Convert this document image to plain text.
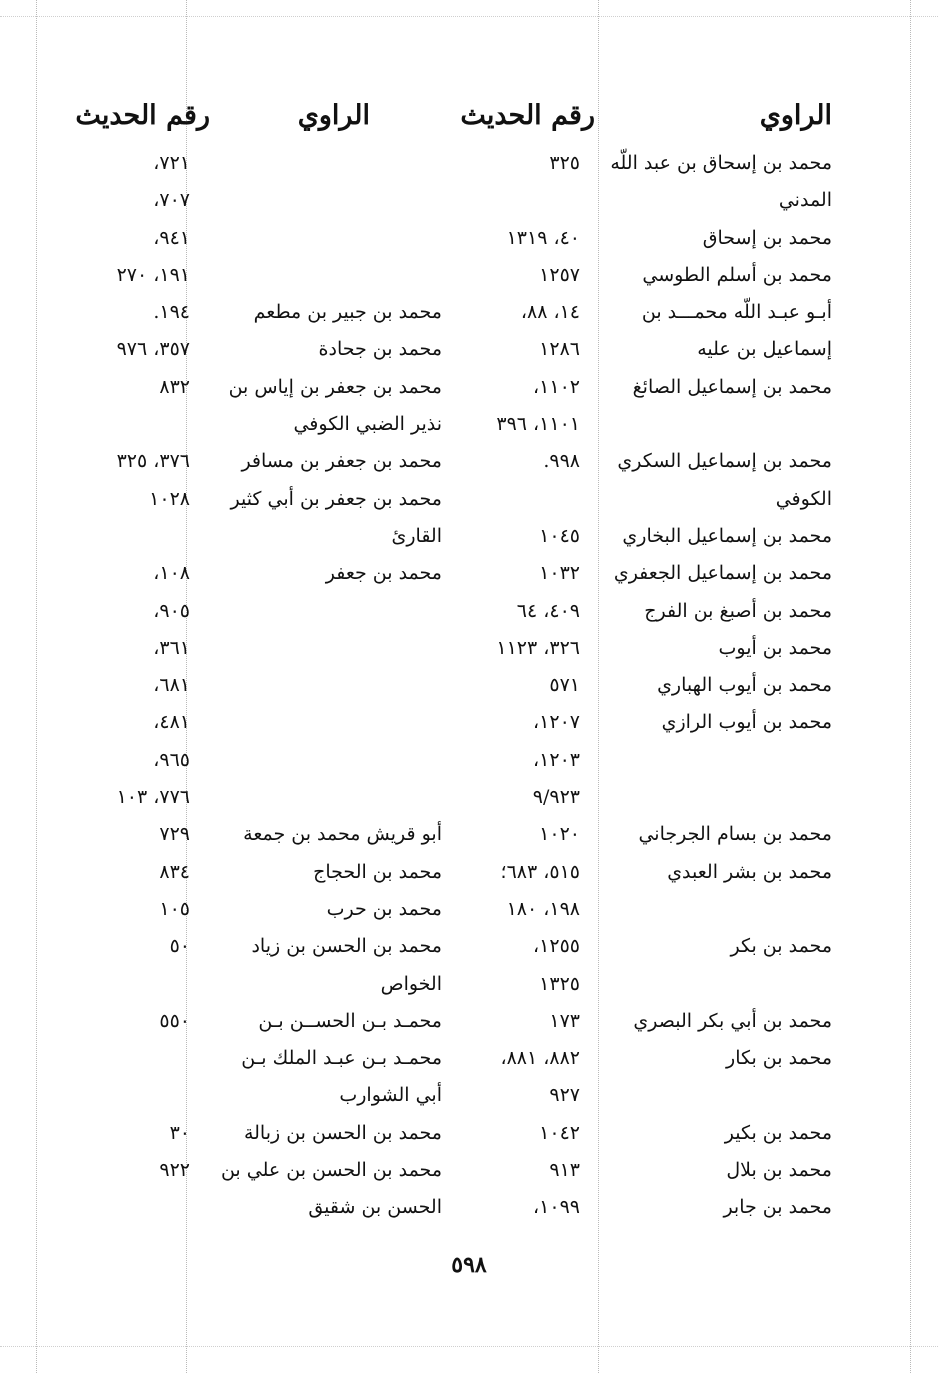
الراوي
رقم الحديث
الراوي
رقم الحديث
محمد بن إسحاق بن عبد اللّه
٣٢٥
٧٢١،
المدني
٧٠٧،
محمد بن إسحاق
٤٠، ١٣١٩
٩٤١،
محمد بن أسلم الطوسي
١٢٥٧
١٩١، ٢٧٠
أبـو عبـد اللّه محمـــد بن
١٤، ٨٨،
محمد بن جبير بن مطعم
١٩٤.
إسماعيل بن عليه
١٢٨٦
محمد بن جحادة
٣٥٧، ٩٧٦
محمد بن إسماعيل الصائغ
١١٠٢،
محمد بن جعفر بن إياس بن
٨٣٢
١١٠١، ٣٩٦
نذير الضبي الكوفي
محمد بن إسماعيل السكري
٩٩٨.
محمد بن جعفر بن مسافر
٣٧٦، ٣٢٥
الكوفي
محمد بن جعفر بن أبي كثير
١٠٢٨
محمد بن إسماعيل البخاري
١٠٤٥
القارئ
محمد بن إسماعيل الجعفري
١٠٣٢
محمد بن جعفر
١٠٨،
محمد بن أصبغ بن الفرج
٤٠٩، ٦٤
٩٠٥،
محمد بن أيوب
٣٢٦، ١١٢٣
٣٦١،
محمد بن أيوب الهباري
٥٧١
٦٨١،
محمد بن أيوب الرازي
١٢٠٧،
٤٨١،
١٢٠٣،
٩٦٥،
٩/٩٢٣
٧٧٦، ١٠٣
محمد بن بسام الجرجاني
١٠٢٠
أبو قريش محمد بن جمعة
٧٢٩
محمد بن بشر العبدي
٥١٥، ٦٨٣؛
محمد بن الحجاج
٨٣٤
١٩٨، ١٨٠
محمد بن حرب
١٠٥
محمد بن بكر
١٢٥٥،
محمد بن الحسن بن زياد
٥٠
١٣٢٥
الخواص
محمد بن أبي بكر البصري
١٧٣
محمـد بـن الحســن بـن
٥٥٠
محمد بن بكار
٨٨٢، ٨٨١،
محمـد بـن عبـد الملك بـن
٩٢٧
أبي الشوارب
محمد بن بكير
١٠٤٢
محمد بن الحسن بن زبالة
٣٠
محمد بن بلال
٩١٣
محمد بن الحسن بن علي بن
٩٢٢
محمد بن جابر
١٠٩٩،
الحسن بن شقيق
٥٩٨
